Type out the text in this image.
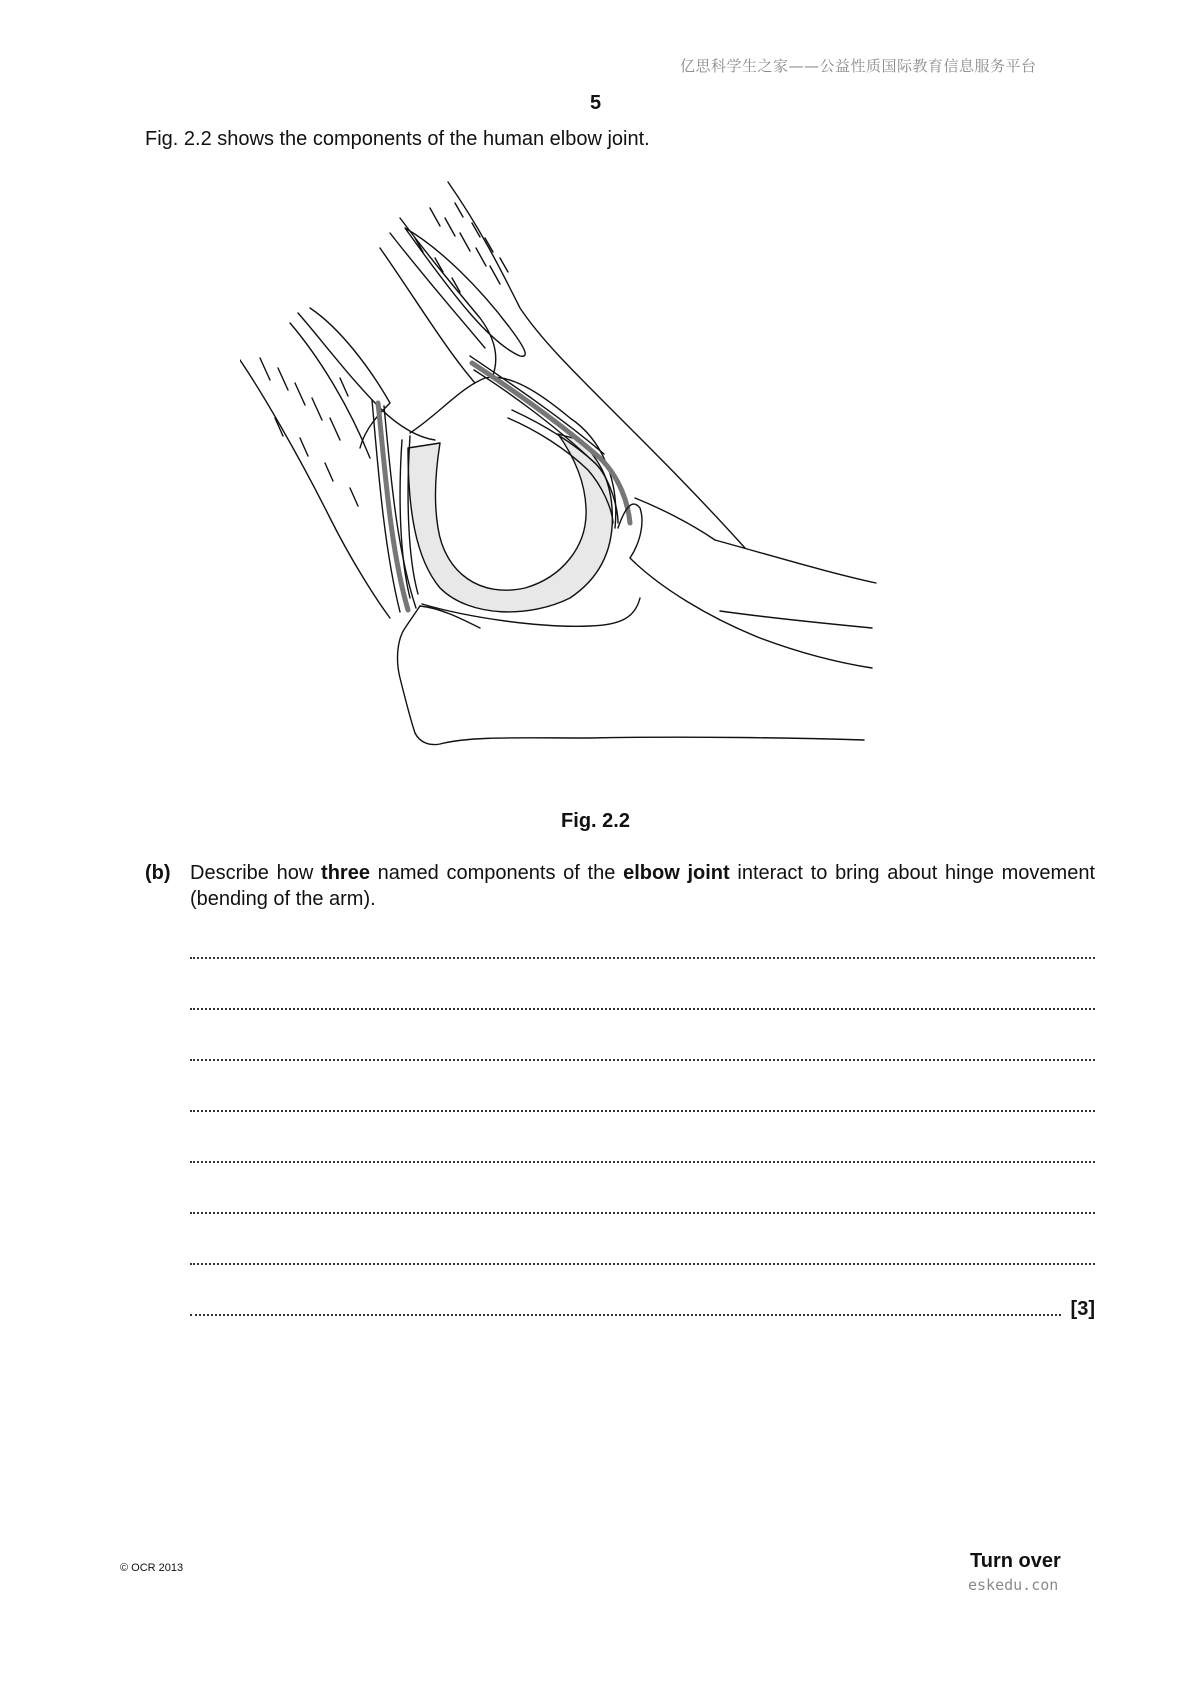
亿思科学生之家——公益性质国际教育信息服务平台
5
Fig. 2.2 shows the components of the human elbow joint.
Fig. 2.2
(b) Describe how three named components of the elbow joint interact to bring about hinge movement (bending of the arm).
[3]
© OCR 2013	Turn over
eskedu.con
